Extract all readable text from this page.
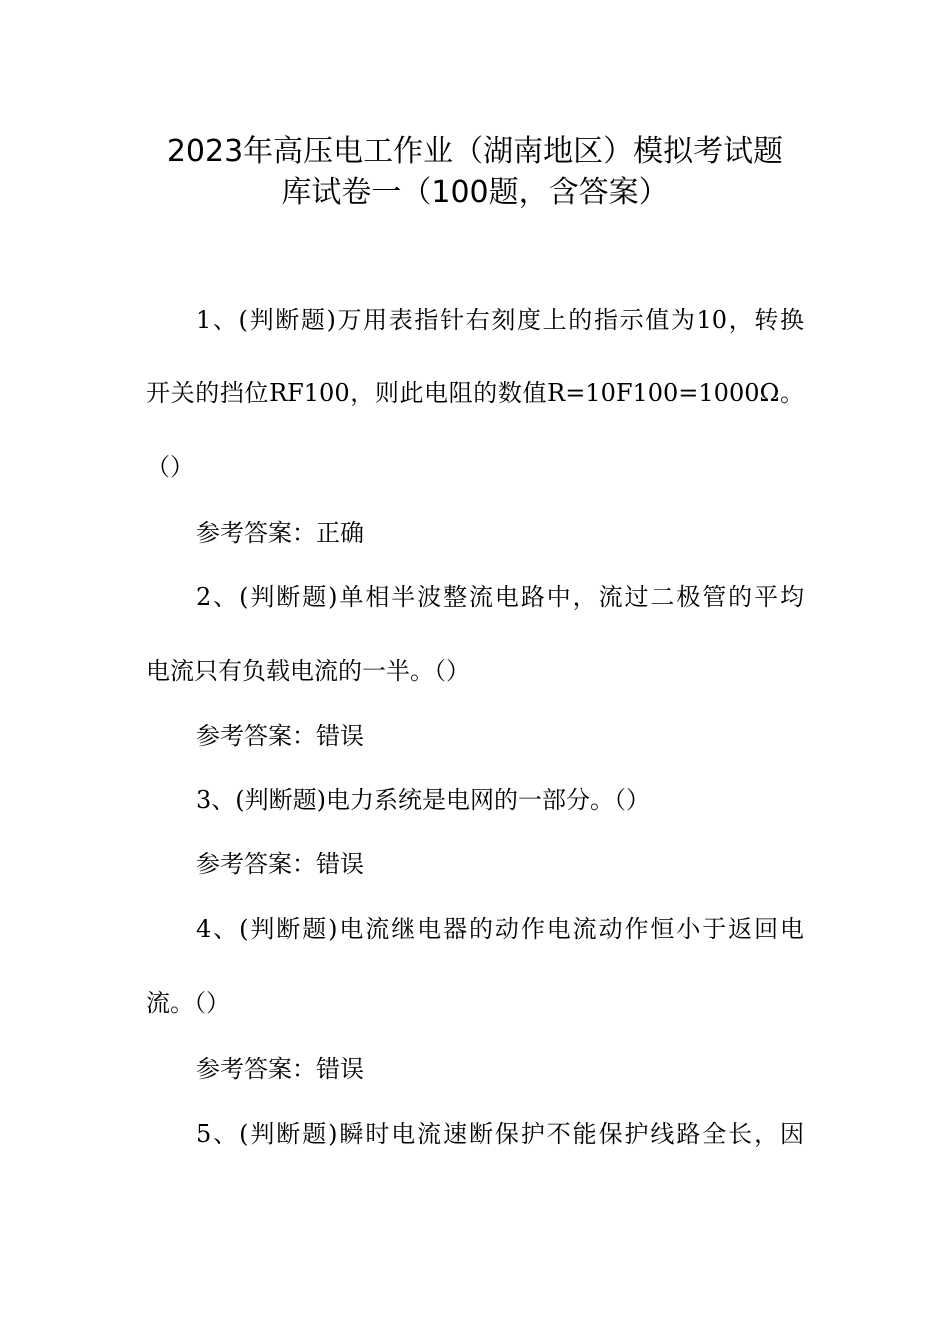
2023年高压电工作业（湖南地区）模拟考试题
库试卷一（100题，含答案）
1、(判断题)万用表指针右刻度上的指示值为10，转换
开关的挡位RF100，则此电阻的数值R=10F100=1000Ω。
（）
参考答案：正确
2、(判断题)单相半波整流电路中，流过二极管的平均
电流只有负载电流的一半。（）
参考答案：错误
3、(判断题)电力系统是电网的一部分。（）
参考答案：错误
4、(判断题)电流继电器的动作电流动作恒小于返回电
流。（）
参考答案：错误
5、(判断题)瞬时电流速断保护不能保护线路全长，因
